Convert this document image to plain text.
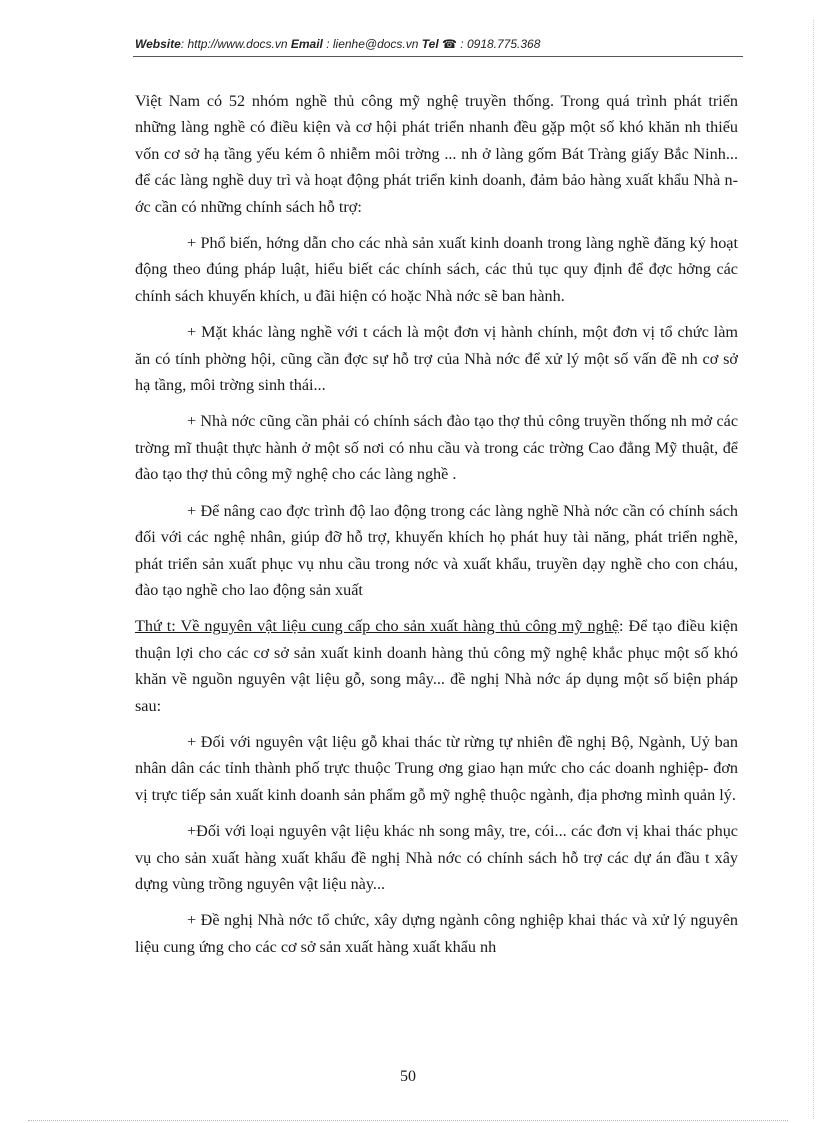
Website: http://www.docs.vn Email : lienhe@docs.vn Tel ☎ : 0918.775.368

Việt Nam có 52 nhóm nghề thủ công mỹ nghệ truyền thống. Trong quá trình phát triển những làng nghề có điều kiện và cơ hội phát triển nhanh đều gặp một số khó khăn nh thiếu vốn cơ sở hạ tầng yếu kém ô nhiễm môi trờng ... nh ở làng gốm Bát Tràng giấy Bắc Ninh... để các làng nghề duy trì và hoạt động phát triển kinh doanh, đảm bảo hàng xuất khẩu Nhà nớc cần có những chính sách hỗ trợ:

+ Phổ biến, hớng dẫn cho các nhà sản xuất kinh doanh trong làng nghề đăng ký hoạt động theo đúng pháp luật, hiểu biết các chính sách, các thủ tục quy định để đợc hởng các chính sách khuyến khích, u đãi hiện có hoặc Nhà nớc sẽ ban hành.

+ Mặt khác làng nghề với t cách là một đơn vị hành chính, một đơn vị tổ chức làm ăn có tính phờng hội, cũng cần đợc sự hỗ trợ của Nhà nớc để xử lý một số vấn đề nh cơ sở hạ tầng, môi trờng sinh thái...

+ Nhà nớc cũng cần phải có chính sách đào tạo thợ thủ công truyền thống nh mở các trờng mĩ thuật thực hành ở một số nơi có nhu cầu và trong các trờng Cao đẳng Mỹ thuật, để đào tạo thợ thủ công mỹ nghệ cho các làng nghề .

+ Để nâng cao đợc trình độ lao động trong các làng nghề Nhà nớc cần có chính sách đối với các nghệ nhân, giúp đỡ hỗ trợ, khuyến khích họ phát huy tài năng, phát triển nghề, phát triển sản xuất phục vụ nhu cầu trong nớc và xuất khẩu, truyền dạy nghề cho con cháu, đào tạo nghề cho lao động sản xuất

Thứ t: Về nguyên vật liệu cung cấp cho sản xuất hàng thủ công mỹ nghệ: Để tạo điều kiện thuận lợi cho các cơ sở sản xuất kinh doanh hàng thủ công mỹ nghệ khắc phục một số khó khăn về nguồn nguyên vật liệu gỗ, song mây... đề nghị Nhà nớc áp dụng một số biện pháp sau:

+ Đối với nguyên vật liệu gỗ khai thác từ rừng tự nhiên đề nghị Bộ, Ngành, Uỷ ban nhân dân các tỉnh thành phố trực thuộc Trung ơng giao hạn mức cho các doanh nghiệp- đơn vị trực tiếp sản xuất kinh doanh sản phẩm gỗ mỹ nghệ thuộc ngành, địa phơng mình quản lý.

+Đối với loại nguyên vật liệu khác nh song mây, tre, cói... các đơn vị khai thác phục vụ cho sản xuất hàng xuất khẩu đề nghị Nhà nớc có chính sách hỗ trợ các dự án đầu t xây dựng vùng trồng nguyên vật liệu này...

+ Đề nghị Nhà nớc tổ chức, xây dựng ngành công nghiệp khai thác và xử lý nguyên liệu cung ứng cho các cơ sở sản xuất hàng xuất khẩu nh

50
